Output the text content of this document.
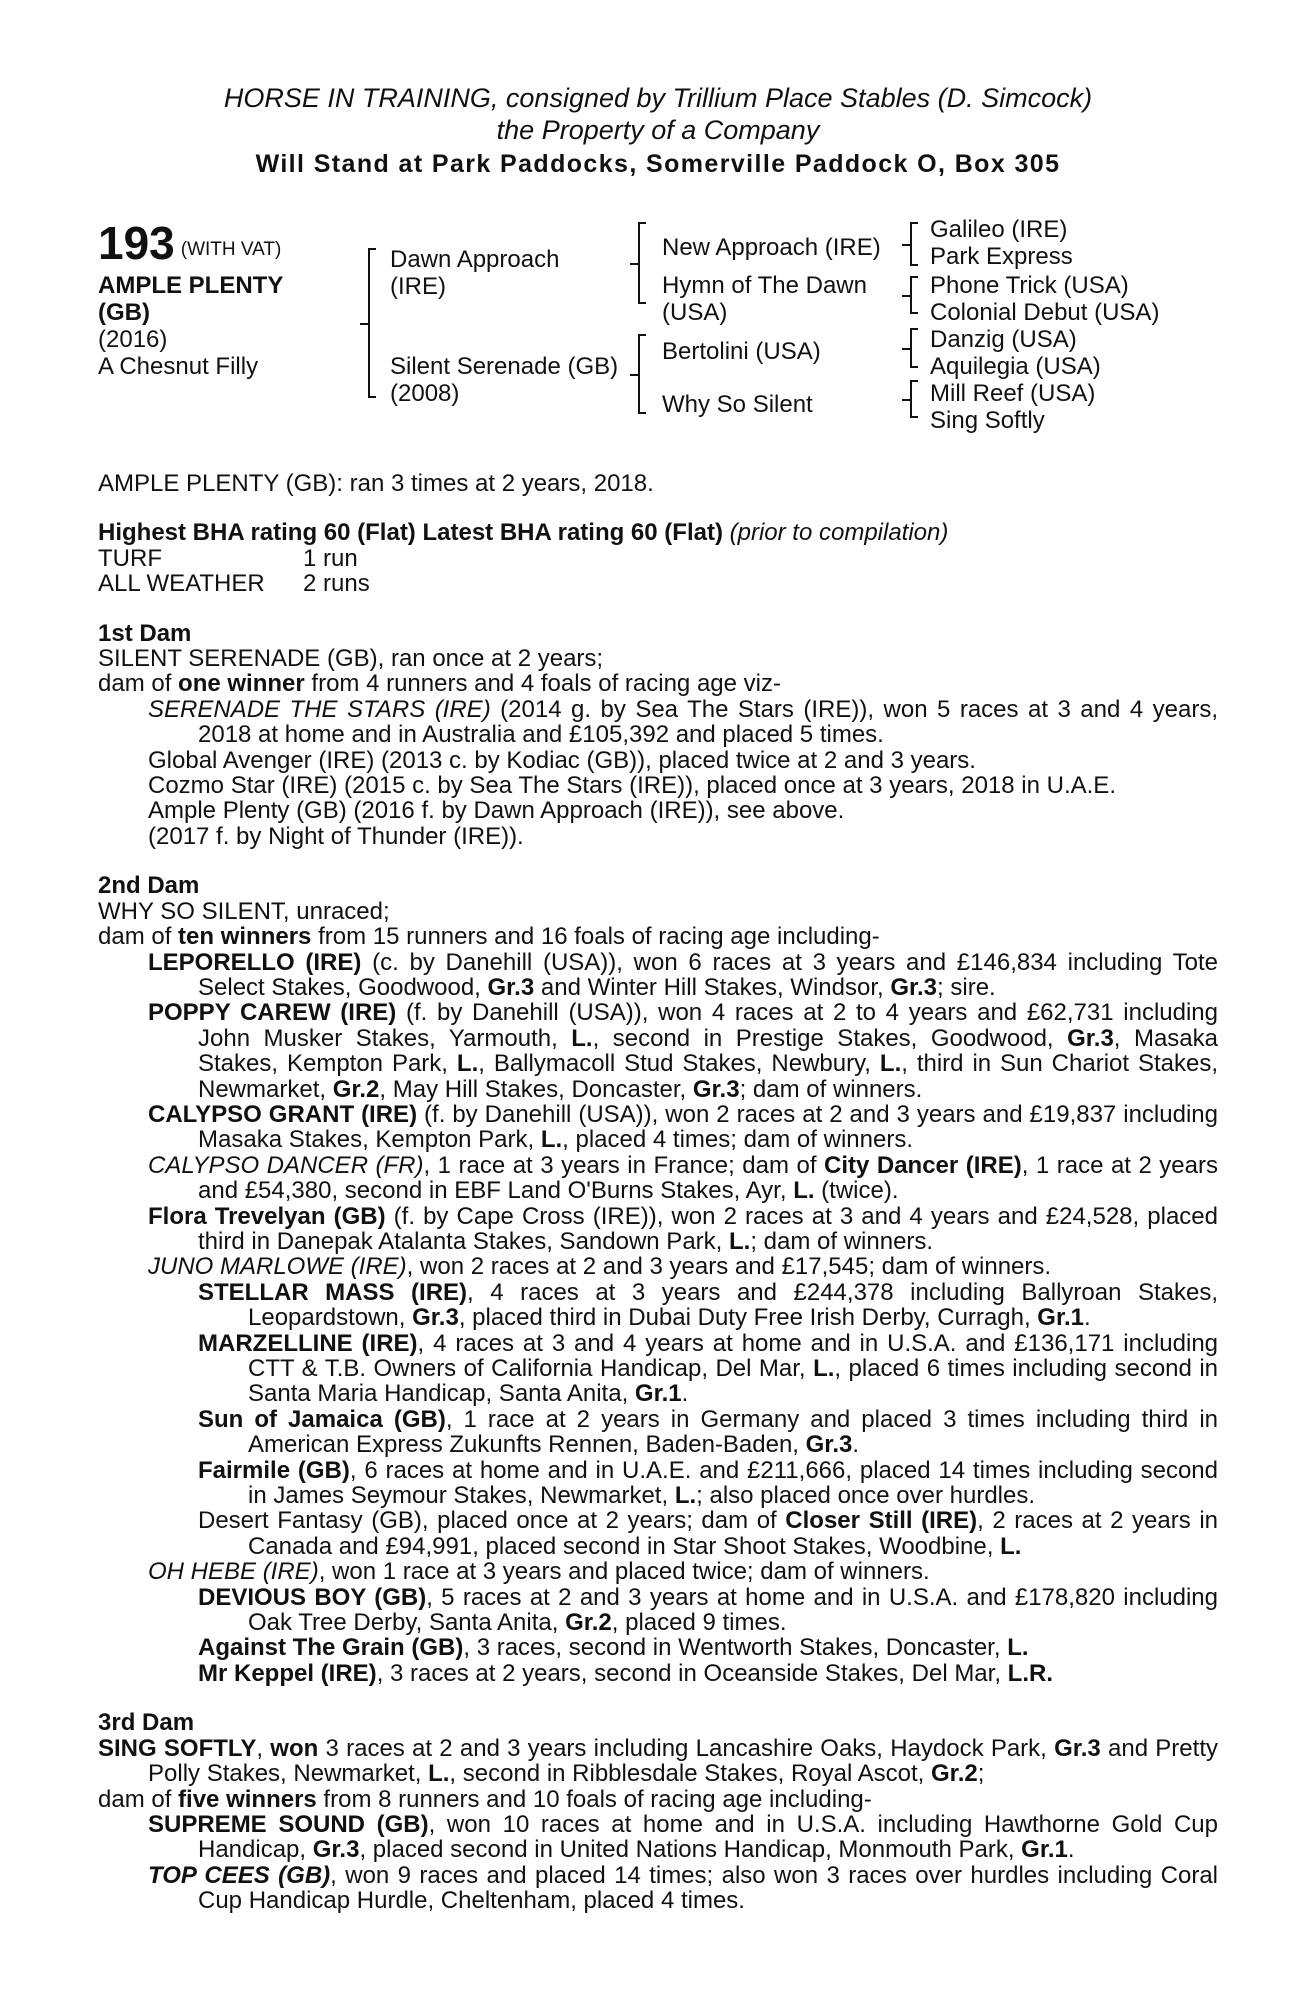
HORSE IN TRAINING, consigned by Trillium Place Stables (D. Simcock)
the Property of a Company
Will Stand at Park Paddocks, Somerville Paddock O, Box 305
193 (WITH VAT)
AMPLE PLENTY
(GB)
(2016)
A Chesnut Filly
Dawn Approach
(IRE)
Silent Serenade (GB)
(2008)
New Approach (IRE)
Hymn of The Dawn
(USA)
Bertolini (USA)
Why So Silent
Galileo (IRE)
Park Express
Phone Trick (USA)
Colonial Debut (USA)
Danzig (USA)
Aquilegia (USA)
Mill Reef (USA)
Sing Softly

AMPLE PLENTY (GB): ran 3 times at 2 years, 2018.

Highest BHA rating 60 (Flat) Latest BHA rating 60 (Flat) (prior to compilation)

TURF	1 run

ALL WEATHER 2 runs

1st Dam

SILENT SERENADE (GB), ran once at 2 years;

dam of one winner from 4 runners and 4 foals of racing age viz-

SERENADE THE STARS (IRE) (2014 g. by Sea The Stars (IRE)), won 5 races at 3 and 4 years, 2018 at home and in Australia and £105,392 and placed 5 times.

Global Avenger (IRE) (2013 c. by Kodiac (GB)), placed twice at 2 and 3 years.

Cozmo Star (IRE) (2015 c. by Sea The Stars (IRE)), placed once at 3 years, 2018 in U.A.E.

Ample Plenty (GB) (2016 f. by Dawn Approach (IRE)), see above.

(2017 f. by Night of Thunder (IRE)).

2nd Dam

WHY SO SILENT, unraced;

dam of ten winners from 15 runners and 16 foals of racing age including-

LEPORELLO (IRE) (c. by Danehill (USA)), won 6 races at 3 years and £146,834 including Tote Select Stakes, Goodwood, Gr.3 and Winter Hill Stakes, Windsor, Gr.3; sire.

POPPY CAREW (IRE) (f. by Danehill (USA)), won 4 races at 2 to 4 years and £62,731 including John Musker Stakes, Yarmouth, L., second in Prestige Stakes, Goodwood, Gr.3, Masaka Stakes, Kempton Park, L., Ballymacoll Stud Stakes, Newbury, L., third in Sun Chariot Stakes, Newmarket, Gr.2, May Hill Stakes, Doncaster, Gr.3; dam of winners.

CALYPSO GRANT (IRE) (f. by Danehill (USA)), won 2 races at 2 and 3 years and £19,837 including Masaka Stakes, Kempton Park, L., placed 4 times; dam of winners.

CALYPSO DANCER (FR), 1 race at 3 years in France; dam of City Dancer (IRE), 1 race at 2 years and £54,380, second in EBF Land O'Burns Stakes, Ayr, L. (twice).

Flora Trevelyan (GB) (f. by Cape Cross (IRE)), won 2 races at 3 and 4 years and £24,528, placed third in Danepak Atalanta Stakes, Sandown Park, L.; dam of winners.

JUNO MARLOWE (IRE), won 2 races at 2 and 3 years and £17,545; dam of winners.

STELLAR MASS (IRE), 4 races at 3 years and £244,378 including Ballyroan Stakes, Leopardstown, Gr.3, placed third in Dubai Duty Free Irish Derby, Curragh, Gr.1.

MARZELLINE (IRE), 4 races at 3 and 4 years at home and in U.S.A. and £136,171 including CTT & T.B. Owners of California Handicap, Del Mar, L., placed 6 times including second in Santa Maria Handicap, Santa Anita, Gr.1.

Sun of Jamaica (GB), 1 race at 2 years in Germany and placed 3 times including third in American Express Zukunfts Rennen, Baden-Baden, Gr.3.

Fairmile (GB), 6 races at home and in U.A.E. and £211,666, placed 14 times including second in James Seymour Stakes, Newmarket, L.; also placed once over hurdles.

Desert Fantasy (GB), placed once at 2 years; dam of Closer Still (IRE), 2 races at 2 years in Canada and £94,991, placed second in Star Shoot Stakes, Woodbine, L.

OH HEBE (IRE), won 1 race at 3 years and placed twice; dam of winners.

DEVIOUS BOY (GB), 5 races at 2 and 3 years at home and in U.S.A. and £178,820 including Oak Tree Derby, Santa Anita, Gr.2, placed 9 times.

Against The Grain (GB), 3 races, second in Wentworth Stakes, Doncaster, L.

Mr Keppel (IRE), 3 races at 2 years, second in Oceanside Stakes, Del Mar, L.R.

3rd Dam

SING SOFTLY, won 3 races at 2 and 3 years including Lancashire Oaks, Haydock Park, Gr.3 and Pretty Polly Stakes, Newmarket, L., second in Ribblesdale Stakes, Royal Ascot, Gr.2;

dam of five winners from 8 runners and 10 foals of racing age including-

SUPREME SOUND (GB), won 10 races at home and in U.S.A. including Hawthorne Gold Cup Handicap, Gr.3, placed second in United Nations Handicap, Monmouth Park, Gr.1.

TOP CEES (GB), won 9 races and placed 14 times; also won 3 races over hurdles including Coral Cup Handicap Hurdle, Cheltenham, placed 4 times.
